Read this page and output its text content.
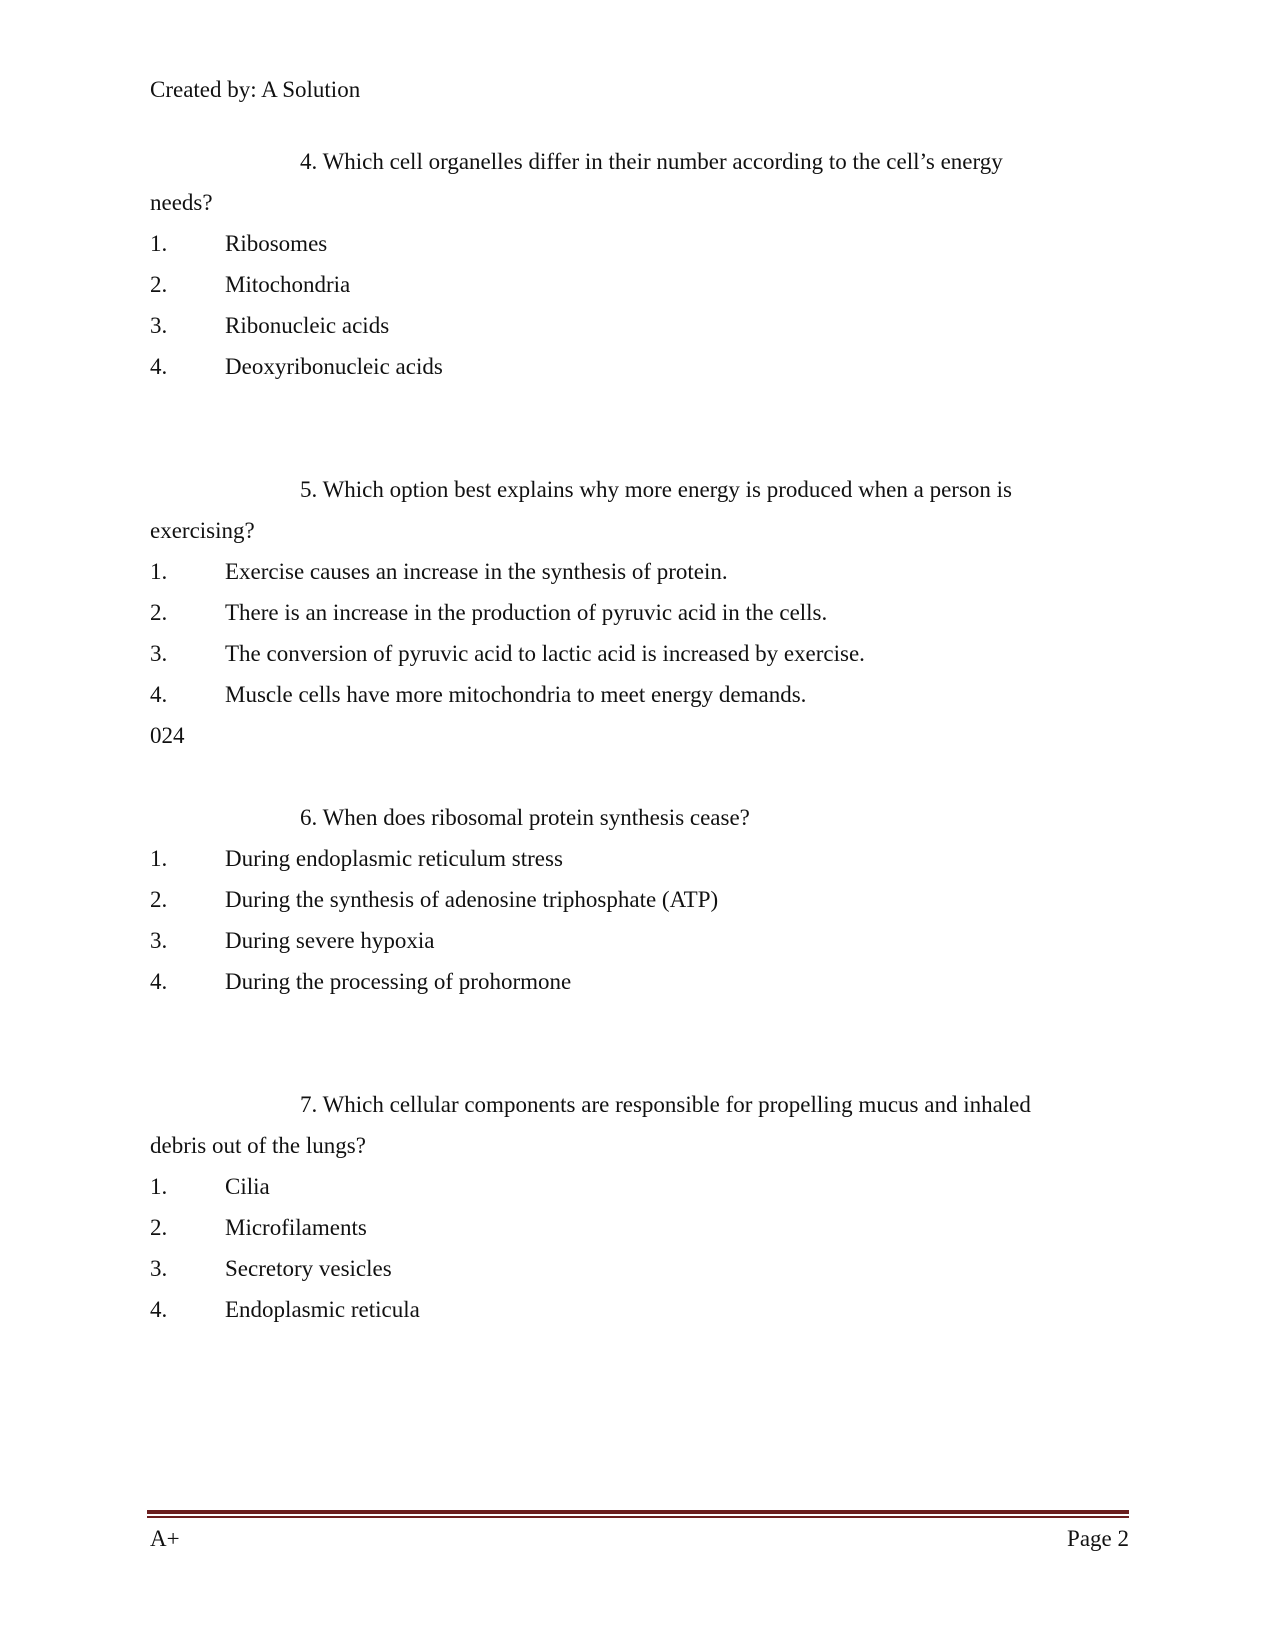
Created by: A Solution
4. Which cell organelles differ in their number according to the cell’s energy
needs?
1.	Ribosomes
2.	Mitochondria
3.	Ribonucleic acids
4.	Deoxyribonucleic acids
5. Which option best explains why more energy is produced when a person is
exercising?
1.	Exercise causes an increase in the synthesis of protein.
2.	There is an increase in the production of pyruvic acid in the cells.
3.	The conversion of pyruvic acid to lactic acid is increased by exercise.
4.	Muscle cells have more mitochondria to meet energy demands.
024
6. When does ribosomal protein synthesis cease?
1.	During endoplasmic reticulum stress
2.	During the synthesis of adenosine triphosphate (ATP)
3.	During severe hypoxia
4.	During the processing of prohormone
7. Which cellular components are responsible for propelling mucus and inhaled
debris out of the lungs?
1.	Cilia
2.	Microfilaments
3.	Secretory vesicles
4.	Endoplasmic reticula
A+	Page 2
